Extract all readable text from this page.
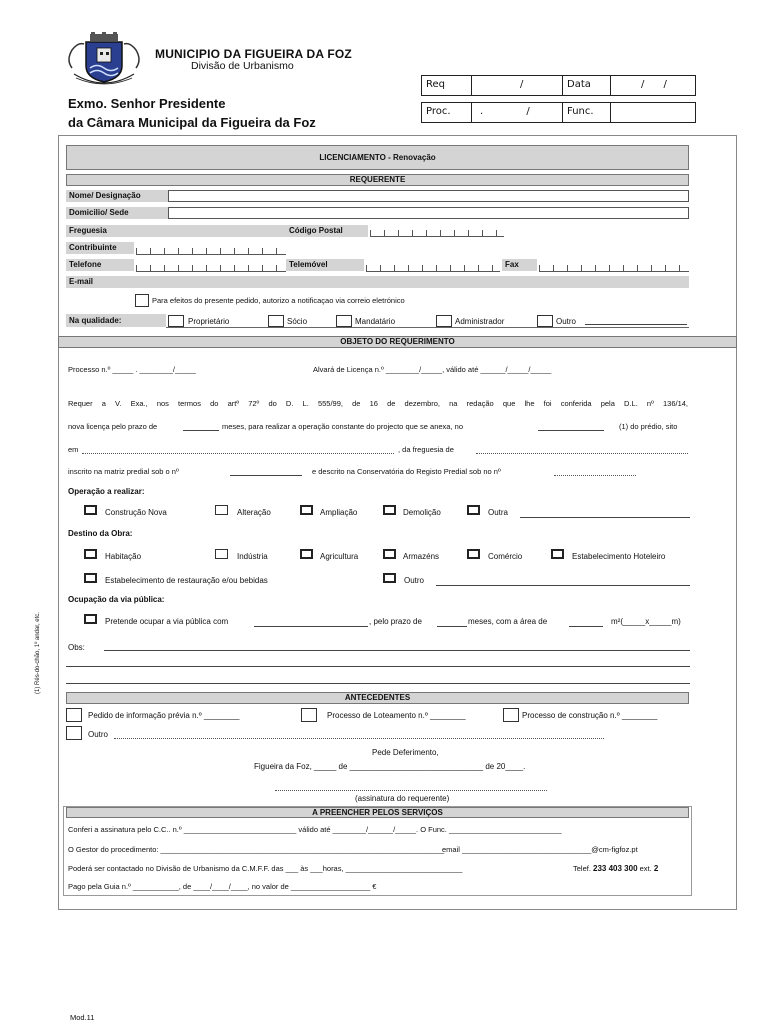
MUNICIPIO DA FIGUEIRA DA FOZ
Divisão de Urbanismo
Exmo. Senhor Presidente
da Câmara Municipal da Figueira da Foz
Req	/	Data	/ /
Proc.	. /	Func.
LICENCIAMENTO - Renovação
REQUERENTE
Nome/ Designação
Domicilio/ Sede
Freguesia	Código Postal
Contribuinte
Telefone	Telemóvel	Fax
E-mail
Para efeitos do presente pedido, autorizo a notificaçao via correio eletrónico
Na qualidade:	Proprietário	Sócio	Mandatário	Administrador	Outro
OBJETO DO REQUERIMENTO
Processo n.º _____ . ________/_____	Alvará de Licença n.º ________/_____, válido até ______/_____/_____
Requer a V. Exa., nos termos do artº 72º do D. L. 555/99, de 16 de dezembro, na redação que lhe foi conferida pela D.L. nº 136/14,
nova licença pelo prazo de	meses, para realizar a operação constante do projecto que se anexa, no	(1) do prédio, sito
em	, da freguesia de
inscrito na matriz predial sob o nº	e descrito na Conservatória do Registo Predial sob no nº
Operação a realizar:
Construção Nova	Alteração	Ampliação	Demolição	Outra
Destino da Obra:
Habitação	Indústria	Agricultura	Armazéns	Comércio	Estabelecimento Hoteleiro
Estabelecimento de restauração e/ou bebidas	Outro
Ocupação da via pública:
Pretende ocupar a via pública com	, pelo prazo de	meses, com a área de	m²(_____x_____m)
Obs:
(1) Rés-do-chão, 1º andar, etc.
ANTECEDENTES
Pedido de informação prévia n.º ________	Processo de Loteamento n.º ________	Processo de construção n.º ________
Outro
Pede Deferimento,
Figueira da Foz, _____ de ______________________________ de 20____.
(assinatura do requerente)
A PREENCHER PELOS SERVIÇOS
Conferi a assinatura pelo C.C.. n.º ___________________________ válido até ________/______/_____. O Func. ___________________________
O Gestor do procedimento: ____________________________________________________________________
email _______________________________@cm-figfoz.pt
Poderá ser contactado no Divisão de Urbanismo da C.M.F.F. das ___ às ___horas, ____________________________	Telef. 233 403 300 ext. 2
Pago pela Guia n.º ___________, de ____/____/____, no valor de ___________________ €
Mod.11
